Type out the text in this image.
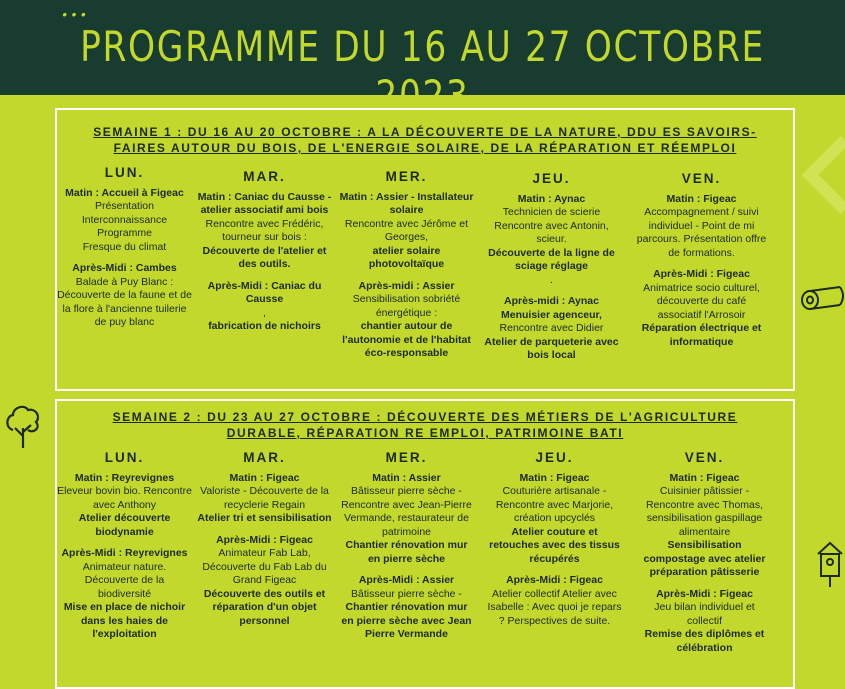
…
PROGRAMME DU 16 AU 27 OCTOBRE 2023
SEMAINE 1 : DU 16 AU 20 OCTOBRE : A LA DÉCOUVERTE DE LA NATURE, DDU ES SAVOIRS-
FAIRES AUTOUR DU BOIS, DE L'ENERGIE SOLAIRE, DE LA RÉPARATION ET RÉEMPLOI
LUN.
Matin : Accueil à Figeac
Présentation
Interconnaissance
Programme
Fresque du climat
Après-Midi : Cambes
Balade à Puy Blanc : Découverte de la faune et de la flore à l'ancienne tuilerie de puy blanc
MAR.
Matin : Caniac du Causse - atelier associatif ami bois
Rencontre avec Frédéric, tourneur sur bois :
Découverte de l'atelier et des outils.
Après-Midi : Caniac du Causse
,
fabrication de nichoirs
MER.
Matin : Assier - Installateur solaire
Rencontre avec Jérôme et Georges,
atelier solaire photovoltaïque
Après-midi : Assier
Sensibilisation sobriété énergétique :
chantier autour de l'autonomie et de l'habitat éco-responsable
JEU.
Matin : Aynac
Technicien de scierie
Rencontre avec Antonin, scieur.
Découverte de la ligne de sciage réglage
.
Après-midi : Aynac Menuisier agenceur,
Rencontre avec Didier
Atelier de parqueterie avec bois local
VEN.
Matin : Figeac
Accompagnement / suivi individuel - Point de mi parcours. Présentation offre de formations.
Après-Midi : Figeac
Animatrice socio culturel, découverte du café associatif l'Arrosoir
Réparation électrique et informatique
SEMAINE 2 : DU 23 AU 27 OCTOBRE : DÉCOUVERTE DES MÉTIERS DE L'AGRICULTURE
DURABLE, RÉPARATION RE EMPLOI, PATRIMOINE BATI
LUN.
Matin : Reyrevignes
Eleveur bovin bio. Rencontre avec Anthony
Atelier découverte biodynamie
Après-Midi : Reyrevignes
Animateur nature. Découverte de la biodiversité
Mise en place de nichoir dans les haies de l'exploitation
MAR.
Matin : Figeac
Valoriste - Découverte de la recyclerie Regain
Atelier tri et sensibilisation
Après-Midi : Figeac
Animateur Fab Lab, Découverte du Fab Lab du Grand Figeac
Découverte des outils et réparation d'un objet personnel
MER.
Matin : Assier
Bâtisseur pierre sèche - Rencontre avec Jean-Pierre Vermande, restaurateur de patrimoine
Chantier rénovation mur en pierre sèche
Après-Midi : Assier
Bâtisseur pierre sèche -
Chantier rénovation mur en pierre sèche avec Jean Pierre Vermande
JEU.
Matin : Figeac
Couturière artisanale - Rencontre avec Marjorie, création upcyclés
Atelier couture et retouches avec des tissus récupérés
Après-Midi : Figeac
Atelier collectif Atelier avec Isabelle : Avec quoi je repars ? Perspectives de suite.
VEN.
Matin : Figeac
Cuisinier pâtissier - Rencontre avec Thomas, sensibilisation gaspillage alimentaire
Sensibilisation compostage avec atelier préparation pâtisserie
Après-Midi : Figeac
Jeu bilan individuel et collectif
Remise des diplômes et célébration
